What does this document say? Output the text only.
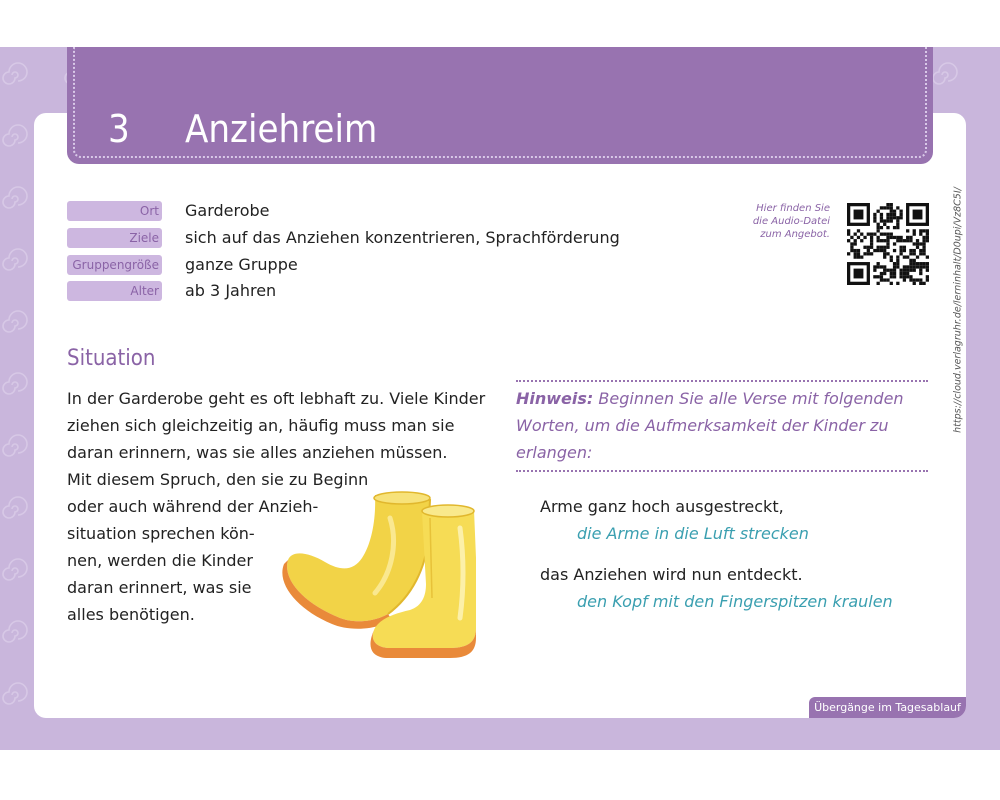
3 Anziehreim
Ort Garderobe
Ziele sich auf das Anziehen konzentrieren, Sprachförderung
Gruppengröße ganze Gruppe
Alter ab 3 Jahren
Hier finden Sie
die Audio-Datei
zum Angebot.	https://cloud.verlagruhr.de/lerninhalt/D0upi/Vz8C5I/
Situation
In der Garderobe geht es oft lebhaft zu. Viele Kinder
ziehen sich gleichzeitig an, häufig muss man sie
daran erinnern, was sie alles anziehen müssen.
Mit diesem Spruch, den sie zu Beginn
oder auch während der Anzieh-
situation sprechen kön-
nen, werden die Kinder
daran erinnert, was sie
alles benötigen.
Hinweis: Beginnen Sie alle Verse mit folgenden Worten, um die Aufmerksamkeit der Kinder zu erlangen:
Arme ganz hoch ausgestreckt,
die Arme in die Luft strecken
das Anziehen wird nun entdeckt.
den Kopf mit den Fingerspitzen kraulen
Übergänge im Tagesablauf
